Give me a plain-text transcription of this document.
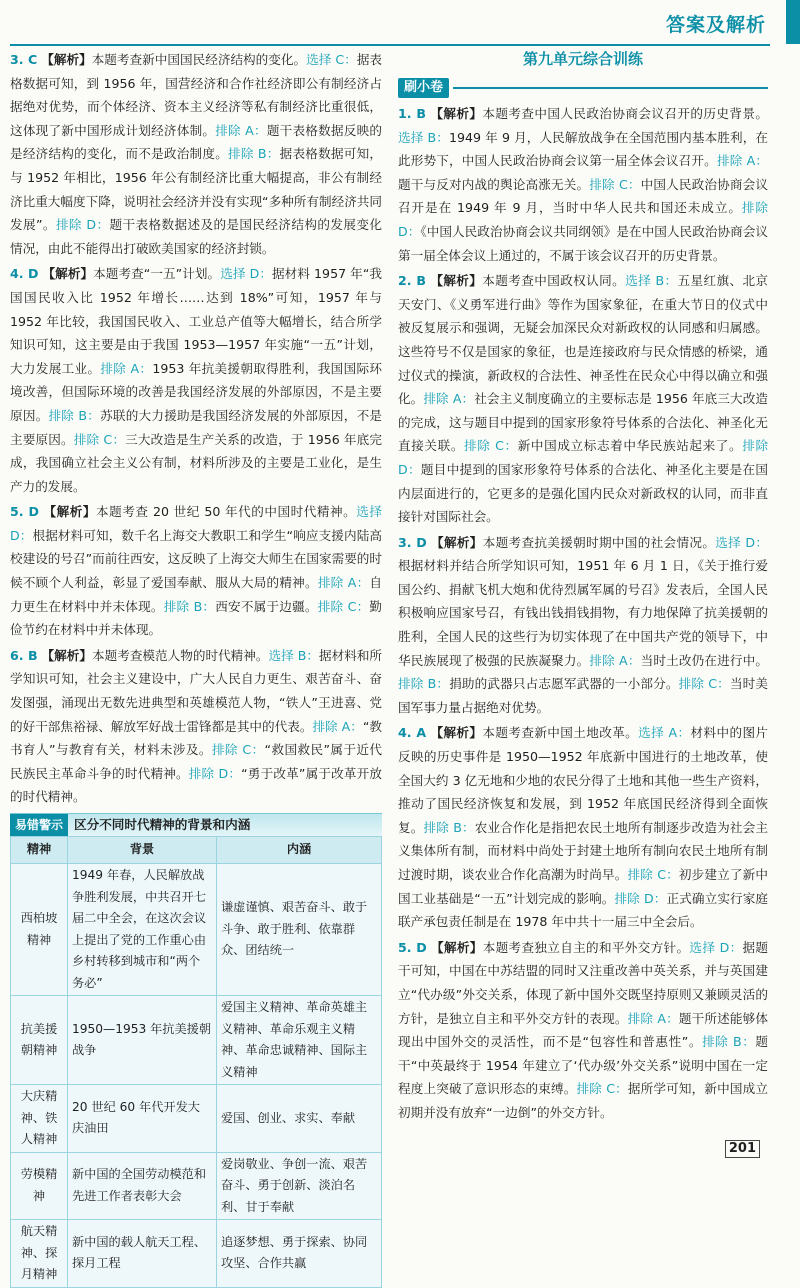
答案及解析

3. C 【解析】本题考查新中国国民经济结构的变化。选择 C：据表格数据可知，到 1956 年，国营经济和合作社经济即公有制经济占据绝对优势，而个体经济、资本主义经济等私有制经济比重很低，这体现了新中国形成计划经济体制。排除 A：题干表格数据反映的是经济结构的变化，而不是政治制度。排除 B：据表格数据可知，与 1952 年相比，1956 年公有制经济比重大幅提高，非公有制经济比重大幅度下降，说明社会经济并没有实现“多种所有制经济共同发展”。排除 D：题干表格数据述及的是国民经济结构的发展变化情况，由此不能得出打破欧美国家的经济封锁。

4. D 【解析】本题考查“一五”计划。选择 D：据材料 1957 年“我国国民收入比 1952 年增长……达到 18%”可知，1957 年与 1952 年比较，我国国民收入、工业总产值等大幅增长，结合所学知识可知，这主要是由于我国 1953—1957 年实施“一五”计划，大力发展工业。排除 A：1953 年抗美援朝取得胜利，我国国际环境改善，但国际环境的改善是我国经济发展的外部原因，不是主要原因。排除 B：苏联的大力援助是我国经济发展的外部原因，不是主要原因。排除 C：三大改造是生产关系的改造，于 1956 年底完成，我国确立社会主义公有制，材料所涉及的主要是工业化，是生产力的发展。

5. D 【解析】本题考查 20 世纪 50 年代的中国时代精神。选择 D：根据材料可知，数千名上海交大教职工和学生“响应支援内陆高校建设的号召”而前往西安，这反映了上海交大师生在国家需要的时候不顾个人利益，彰显了爱国奉献、服从大局的精神。排除 A：自力更生在材料中并未体现。排除 B：西安不属于边疆。排除 C：勤俭节约在材料中并未体现。

6. B 【解析】本题考查模范人物的时代精神。选择 B：据材料和所学知识可知，社会主义建设中，广大人民自力更生、艰苦奋斗、奋发图强，涌现出无数先进典型和英雄模范人物，“铁人”王进喜、党的好干部焦裕禄、解放军好战士雷锋都是其中的代表。排除 A：“教书育人”与教育有关，材料未涉及。排除 C：“救国救民”属于近代民族民主革命斗争的时代精神。排除 D：“勇于改革”属于改革开放的时代精神。

易错警示 区分不同时代精神的背景和内涵
精神	背景	内涵
西柏坡精神	1949 年春，人民解放战争胜利发展，中共召开七届二中全会，在这次会议上提出了党的工作重心由乡村转移到城市和“两个务必”	谦虚谨慎、艰苦奋斗、敢于斗争、敢于胜利、依靠群众、团结统一
抗美援朝精神	1950—1953 年抗美援朝战争	爱国主义精神、革命英雄主义精神、革命乐观主义精神、革命忠诚精神、国际主义精神
大庆精神、铁人精神	20 世纪 60 年代开发大庆油田	爱国、创业、求实、奉献
劳模精神	新中国的全国劳动模范和先进工作者表彰大会	爱岗敬业、争创一流、艰苦奋斗、勇于创新、淡泊名利、甘于奉献
航天精神、探月精神	新中国的载人航天工程、探月工程	追逐梦想、勇于探索、协同攻坚、合作共赢
第九单元综合训练
刷小卷

1. B 【解析】本题考查中国人民政治协商会议召开的历史背景。选择 B：1949 年 9 月，人民解放战争在全国范围内基本胜利，在此形势下，中国人民政治协商会议第一届全体会议召开。排除 A：题干与反对内战的舆论高涨无关。排除 C：中国人民政治协商会议召开是在 1949 年 9 月，当时中华人民共和国还未成立。排除 D：《中国人民政治协商会议共同纲领》是在中国人民政治协商会议第一届全体会议上通过的，不属于该会议召开的历史背景。

2. B 【解析】本题考查中国政权认同。选择 B：五星红旗、北京天安门、《义勇军进行曲》等作为国家象征，在重大节日的仪式中被反复展示和强调，无疑会加深民众对新政权的认同感和归属感。这些符号不仅是国家的象征，也是连接政府与民众情感的桥梁，通过仪式的操演，新政权的合法性、神圣性在民众心中得以确立和强化。排除 A：社会主义制度确立的主要标志是 1956 年底三大改造的完成，这与题目中提到的国家形象符号体系的合法化、神圣化无直接关联。排除 C：新中国成立标志着中华民族站起来了。排除 D：题目中提到的国家形象符号体系的合法化、神圣化主要是在国内层面进行的，它更多的是强化国内民众对新政权的认同，而非直接针对国际社会。

3. D 【解析】本题考查抗美援朝时期中国的社会情况。选择 D：根据材料并结合所学知识可知，1951 年 6 月 1 日，《关于推行爱国公约、捐献飞机大炮和优待烈属军属的号召》发表后，全国人民积极响应国家号召，有钱出钱捐钱捐物，有力地保障了抗美援朝的胜利，全国人民的这些行为切实体现了在中国共产党的领导下，中华民族展现了极强的民族凝聚力。排除 A：当时土改仍在进行中。排除 B：捐助的武器只占志愿军武器的一小部分。排除 C：当时美国军事力量占据绝对优势。

4. A 【解析】本题考查新中国土地改革。选择 A：材料中的图片反映的历史事件是 1950—1952 年底新中国进行的土地改革，使全国大约 3 亿无地和少地的农民分得了土地和其他一些生产资料，推动了国民经济恢复和发展，到 1952 年底国民经济得到全面恢复。排除 B：农业合作化是指把农民土地所有制逐步改造为社会主义集体所有制，而材料中尚处于封建土地所有制向农民土地所有制过渡时期，谈农业合作化高潮为时尚早。排除 C：初步建立了新中国工业基础是“一五”计划完成的影响。排除 D：正式确立实行家庭联产承包责任制是在 1978 年中共十一届三中全会后。

5. D 【解析】本题考查独立自主的和平外交方针。选择 D：据题干可知，中国在中苏结盟的同时又注重改善中英关系，并与英国建立“代办级”外交关系，体现了新中国外交既坚持原则又兼顾灵活的方针，是独立自主和平外交方针的表现。排除 A：题干所述能够体现出中国外交的灵活性，而不是“包容性和普惠性”。排除 B：题干“中英最终于 1954 年建立了‘代办级’外交关系”说明中国在一定程度上突破了意识形态的束缚。排除 C：据所学可知，新中国成立初期并没有放弃“一边倒”的外交方针。

201
